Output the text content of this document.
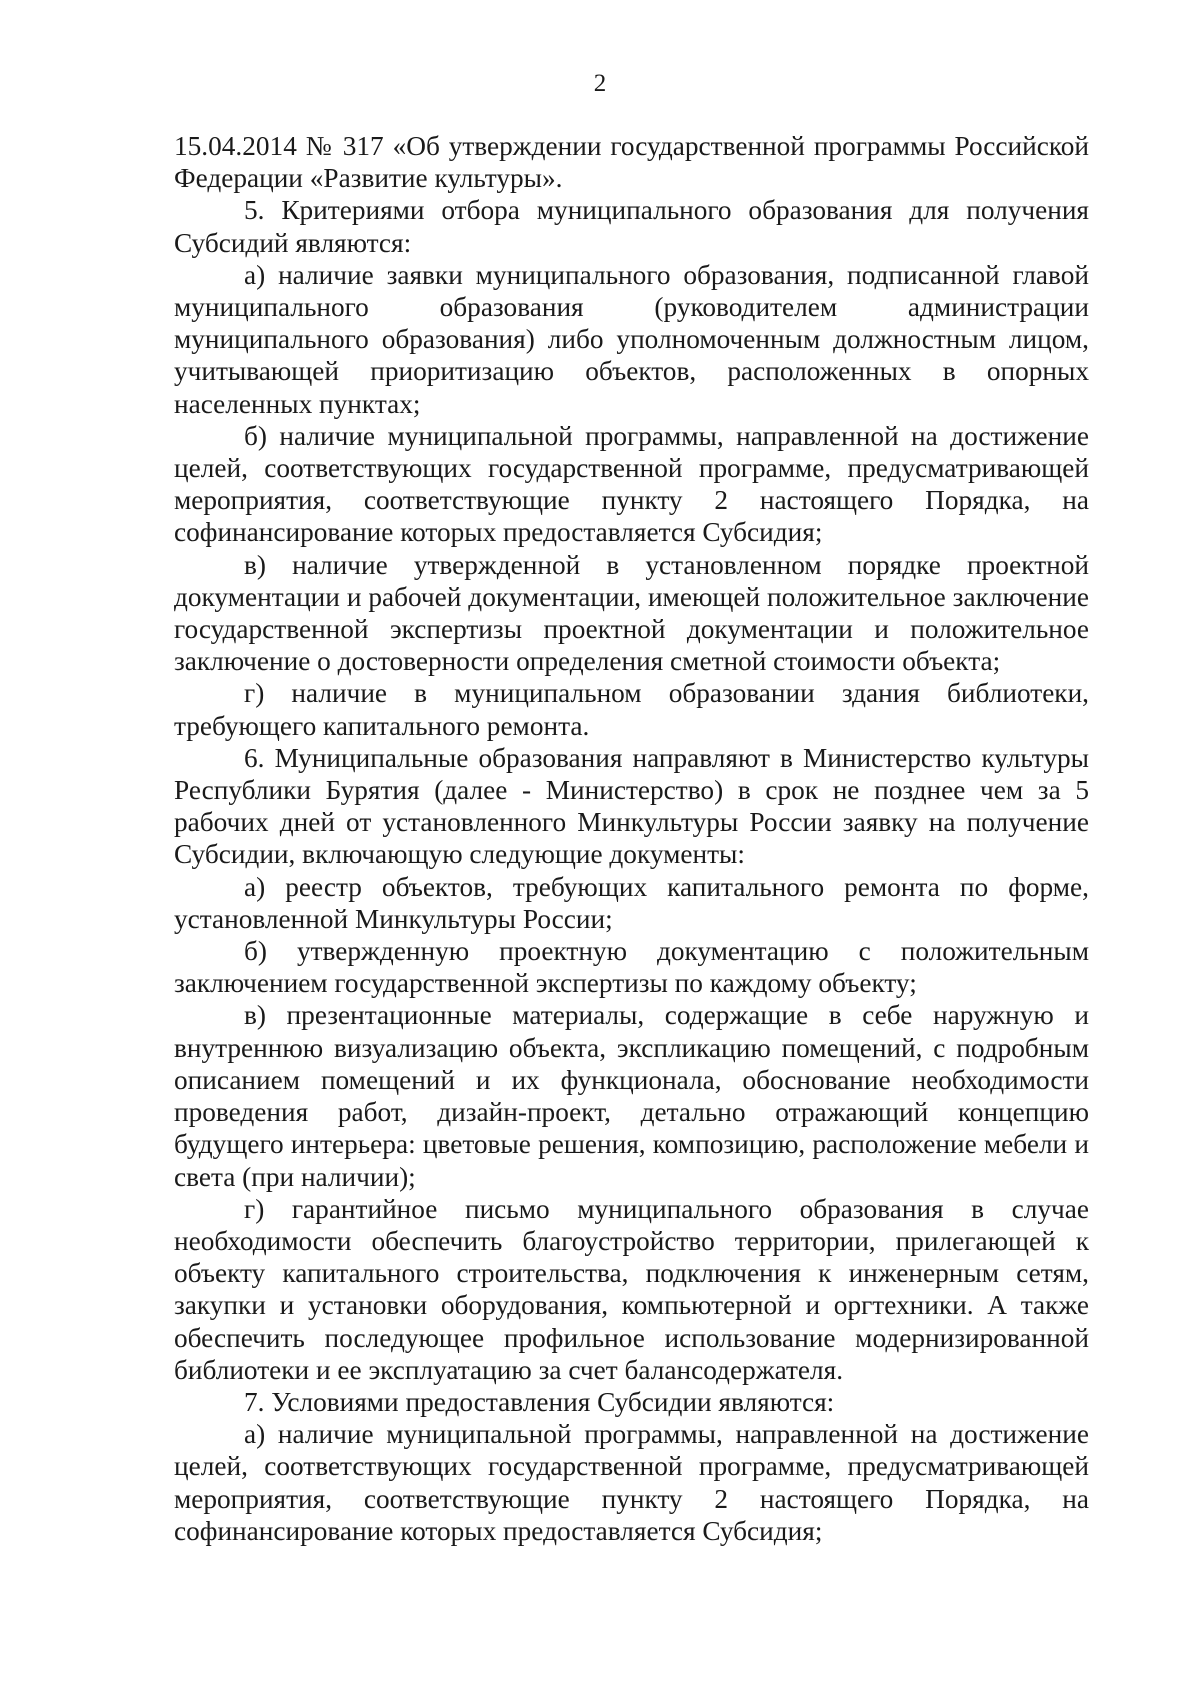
2

15.04.2014 № 317 «Об утверждении государственной программы Российской Федерации «Развитие культуры».

5. Критериями отбора муниципального образования для получения Субсидий являются:

а) наличие заявки муниципального образования, подписанной главой муниципального образования (руководителем администрации муниципального образования) либо уполномоченным должностным лицом, учитывающей приоритизацию объектов, расположенных в опорных населенных пунктах;

б) наличие муниципальной программы, направленной на достижение целей, соответствующих государственной программе, предусматривающей мероприятия, соответствующие пункту 2 настоящего Порядка, на софинансирование которых предоставляется Субсидия;

в) наличие утвержденной в установленном порядке проектной документации и рабочей документации, имеющей положительное заключение государственной экспертизы проектной документации и положительное заключение о достоверности определения сметной стоимости объекта;

г) наличие в муниципальном образовании здания библиотеки, требующего капитального ремонта.

6. Муниципальные образования направляют в Министерство культуры Республики Бурятия (далее - Министерство) в срок не позднее чем за 5 рабочих дней от установленного Минкультуры России заявку на получение Субсидии, включающую следующие документы:

а) реестр объектов, требующих капитального ремонта по форме, установленной Минкультуры России;

б) утвержденную проектную документацию с положительным заключением государственной экспертизы по каждому объекту;

в) презентационные материалы, содержащие в себе наружную и внутреннюю визуализацию объекта, экспликацию помещений, с подробным описанием помещений и их функционала, обоснование необходимости проведения работ, дизайн-проект, детально отражающий концепцию будущего интерьера: цветовые решения, композицию, расположение мебели и света (при наличии);

г) гарантийное письмо муниципального образования в случае необходимости обеспечить благоустройство территории, прилегающей к объекту капитального строительства, подключения к инженерным сетям, закупки и установки оборудования, компьютерной и оргтехники. А также обеспечить последующее профильное использование модернизированной библиотеки и ее эксплуатацию за счет балансодержателя.

7. Условиями предоставления Субсидии являются:

а) наличие муниципальной программы, направленной на достижение целей, соответствующих государственной программе, предусматривающей мероприятия, соответствующие пункту 2 настоящего Порядка, на софинансирование которых предоставляется Субсидия;
